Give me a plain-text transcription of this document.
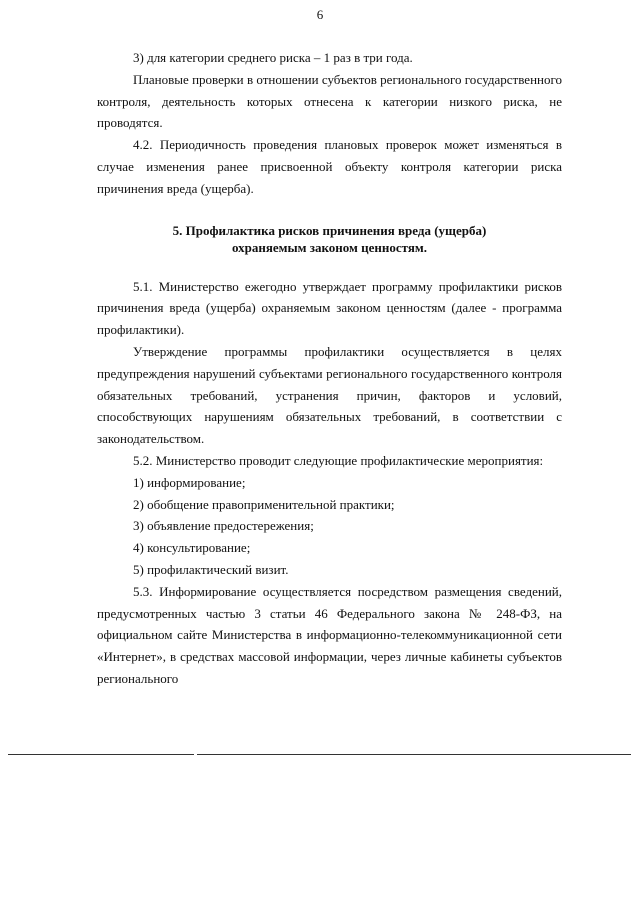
6

3) для категории среднего риска – 1 раз в три года.

Плановые проверки в отношении субъектов регионального государственного контроля, деятельность которых отнесена к категории низкого риска, не проводятся.

4.2. Периодичность проведения плановых проверок может изменяться в случае изменения ранее присвоенной объекту контроля категории риска причинения вреда (ущерба).

5. Профилактика рисков причинения вреда (ущерба)
охраняемым законом ценностям.

5.1. Министерство ежегодно утверждает программу профилактики рисков причинения вреда (ущерба) охраняемым законом ценностям (далее - программа профилактики).

Утверждение программы профилактики осуществляется в целях предупреждения нарушений субъектами регионального государственного контроля обязательных требований, устранения причин, факторов и условий, способствующих нарушениям обязательных требований, в соответствии с законодательством.

5.2. Министерство проводит следующие профилактические мероприятия:

1) информирование;

2) обобщение правоприменительной практики;

3) объявление предостережения;

4) консультирование;

5) профилактический визит.

5.3. Информирование осуществляется посредством размещения сведений, предусмотренных частью 3 статьи 46 Федерального закона № 248-ФЗ, на официальном сайте Министерства в информационно-телекоммуникационной сети «Интернет», в средствах массовой информации, через личные кабинеты субъектов регионального
